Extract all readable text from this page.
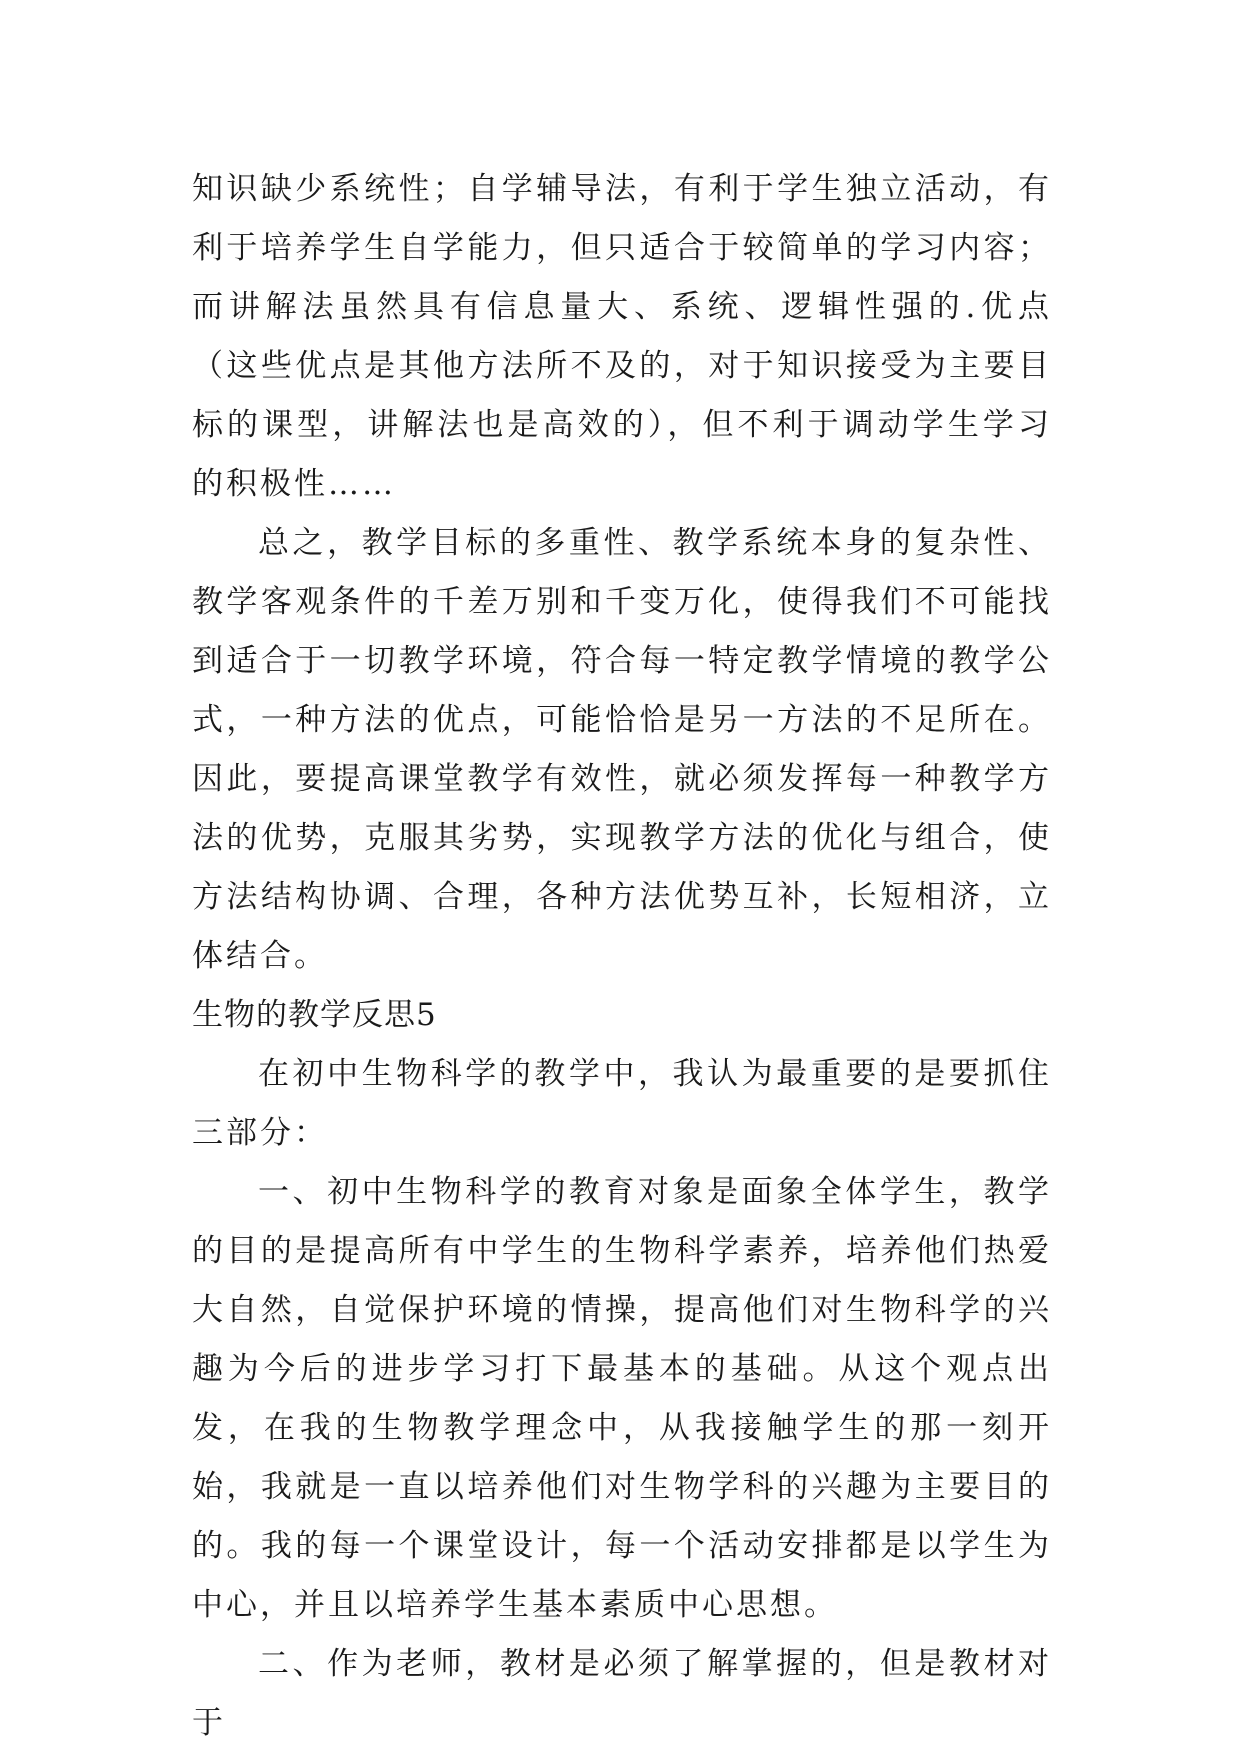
知识缺少系统性；自学辅导法，有利于学生独立活动，有利于培养学生自学能力，但只适合于较简单的学习内容；而讲解法虽然具有信息量大、系统、逻辑性强的.优点（这些优点是其他方法所不及的，对于知识接受为主要目标的课型，讲解法也是高效的），但不利于调动学生学习的积极性……

总之，教学目标的多重性、教学系统本身的复杂性、教学客观条件的千差万别和千变万化，使得我们不可能找到适合于一切教学环境，符合每一特定教学情境的教学公式，一种方法的优点，可能恰恰是另一方法的不足所在。因此，要提高课堂教学有效性，就必须发挥每一种教学方法的优势，克服其劣势，实现教学方法的优化与组合，使方法结构协调、合理，各种方法优势互补，长短相济，立体结合。

生物的教学反思5

在初中生物科学的教学中，我认为最重要的是要抓住三部分：

一、初中生物科学的教育对象是面象全体学生，教学的目的是提高所有中学生的生物科学素养，培养他们热爱大自然，自觉保护环境的情操，提高他们对生物科学的兴趣为今后的进步学习打下最基本的基础。从这个观点出发，在我的生物教学理念中，从我接触学生的那一刻开始，我就是一直以培养他们对生物学科的兴趣为主要目的的。我的每一个课堂设计，每一个活动安排都是以学生为中心，并且以培养学生基本素质中心思想。

二、作为老师，教材是必须了解掌握的，但是教材对于
